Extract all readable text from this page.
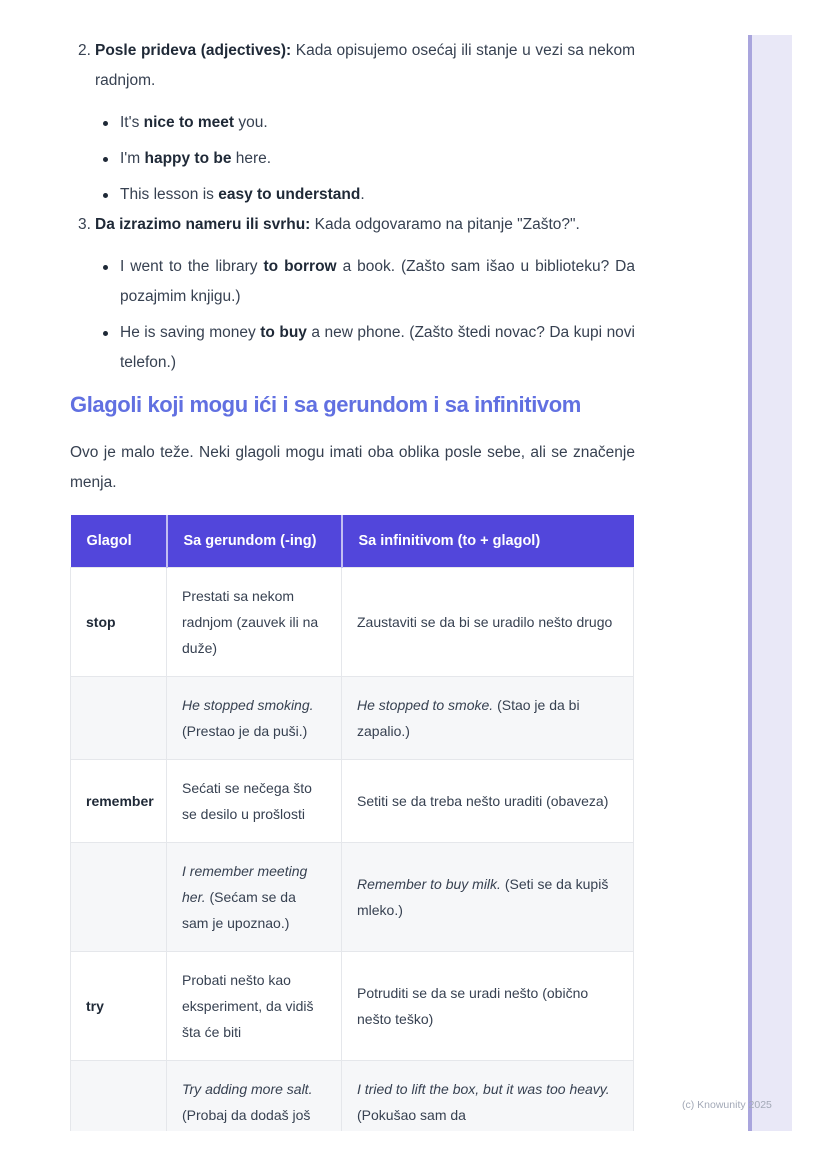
2. Posle prideva (adjectives): Kada opisujemo osećaj ili stanje u vezi sa nekom radnjom.
It's nice to meet you.
I'm happy to be here.
This lesson is easy to understand.
3. Da izrazimo nameru ili svrhu: Kada odgovaramo na pitanje "Zašto?".
I went to the library to borrow a book. (Zašto sam išao u biblioteku? Da pozajmim knjigu.)
He is saving money to buy a new phone. (Zašto štedi novac? Da kupi novi telefon.)
Glagoli koji mogu ići i sa gerundom i sa infinitivom

Ovo je malo teže. Neki glagoli mogu imati oba oblika posle sebe, ali se značenje menja.

Glagol	Sa gerundom (-ing)	Sa infinitivom (to + glagol)
stop	Prestati sa nekom radnjom (zauvek ili na duže)	Zaustaviti se da bi se uradilo nešto drugo
	He stopped smoking. (Prestao je da puši.)	He stopped to smoke. (Stao je da bi zapalio.)
remember	Sećati se nečega što se desilo u prošlosti	Setiti se da treba nešto uraditi (obaveza)
	I remember meeting her. (Sećam se da sam je upoznao.)	Remember to buy milk. (Seti se da kupiš mleko.)
try	Probati nešto kao eksperiment, da vidiš šta će biti	Potruditi se da se uradi nešto (obično nešto teško)
	Try adding more salt. (Probaj da dodaš još	I tried to lift the box, but it was too heavy. (Pokušao sam da
(c) Knowunity 2025
